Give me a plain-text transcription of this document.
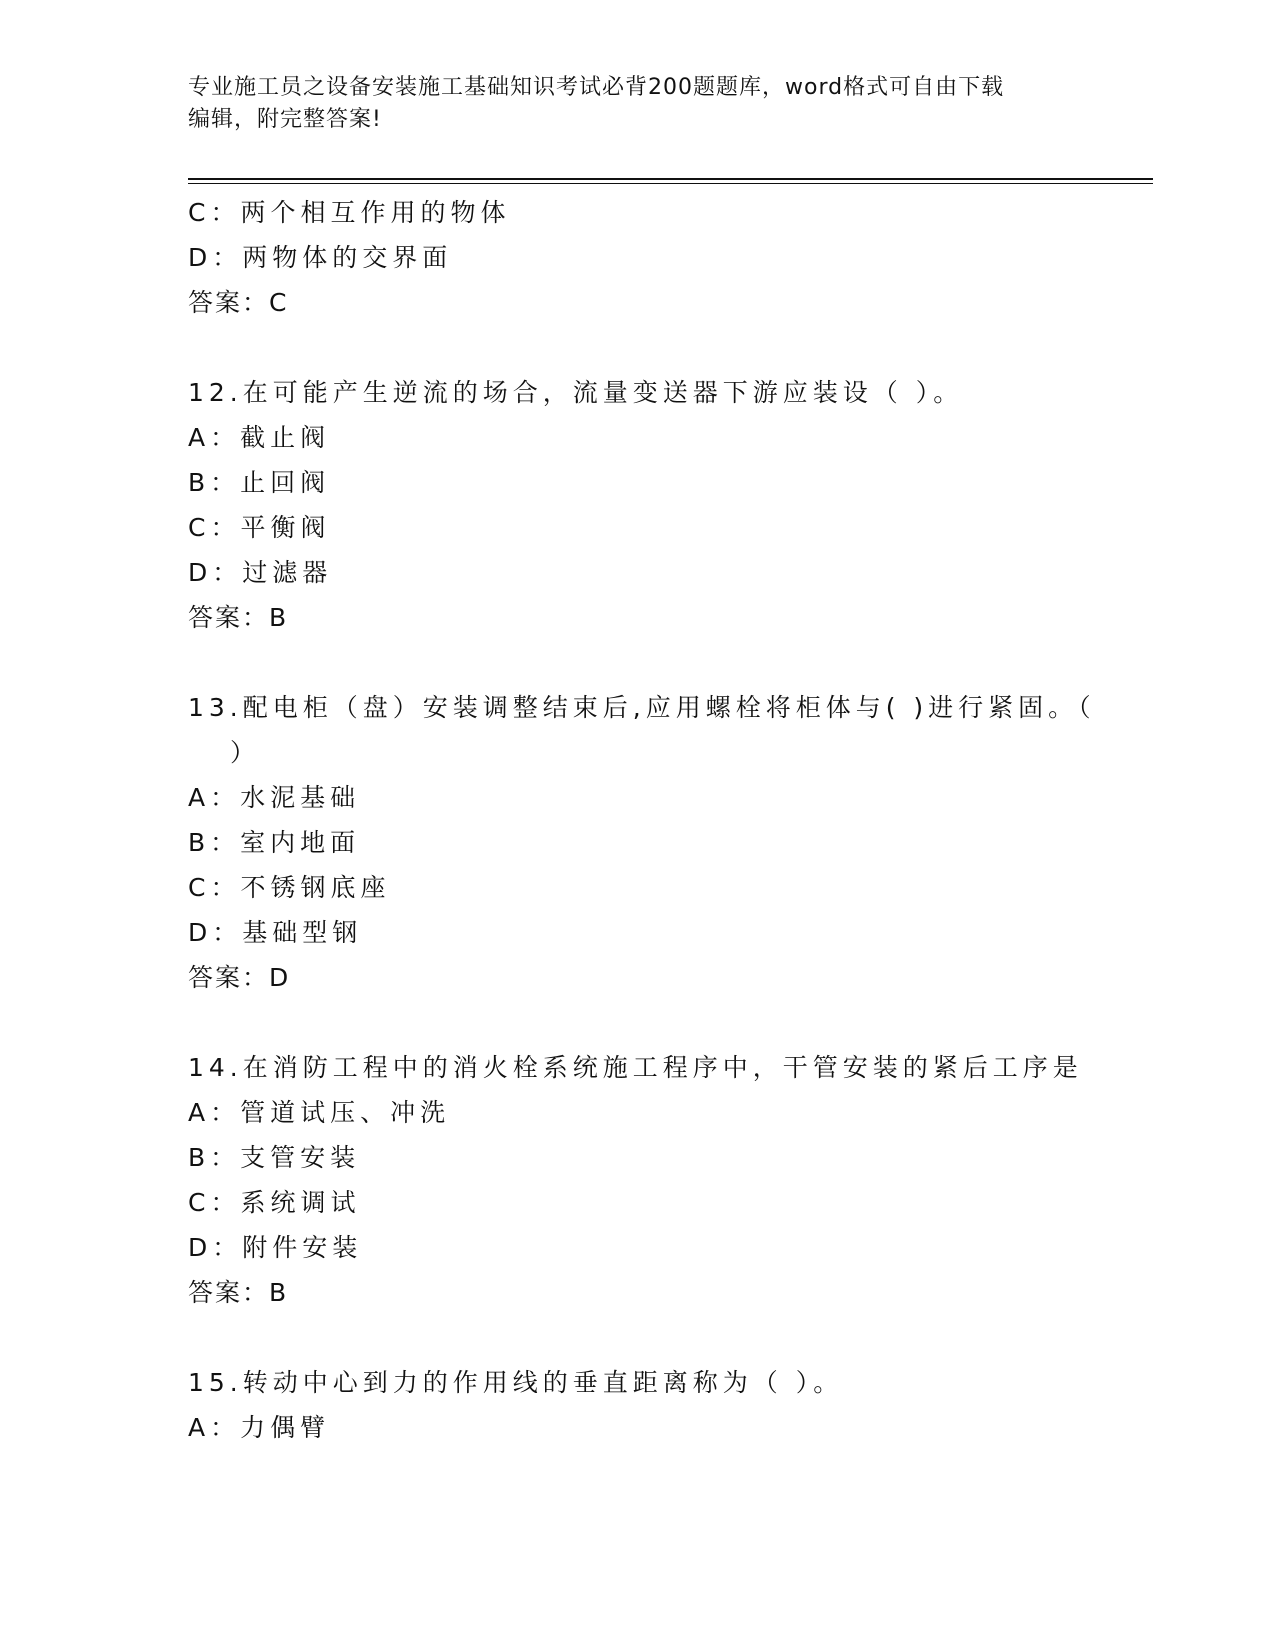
专业施工员之设备安装施工基础知识考试必背200题题库，word格式可自由下载
编辑，附完整答案!
C：两个相互作用的物体
D：两物体的交界面
答案：C
12.在可能产生逆流的场合，流量变送器下游应装设（ ）。
A：截止阀
B：止回阀
C：平衡阀
D：过滤器
答案：B
13.配电柜（盘）安装调整结束后,应用螺栓将柜体与( )进行紧固。（
）
A：水泥基础
B：室内地面
C：不锈钢底座
D：基础型钢
答案：D
14.在消防工程中的消火栓系统施工程序中，干管安装的紧后工序是
A：管道试压、冲洗
B：支管安装
C：系统调试
D：附件安装
答案：B
15.转动中心到力的作用线的垂直距离称为（ ）。
A：力偶臂
